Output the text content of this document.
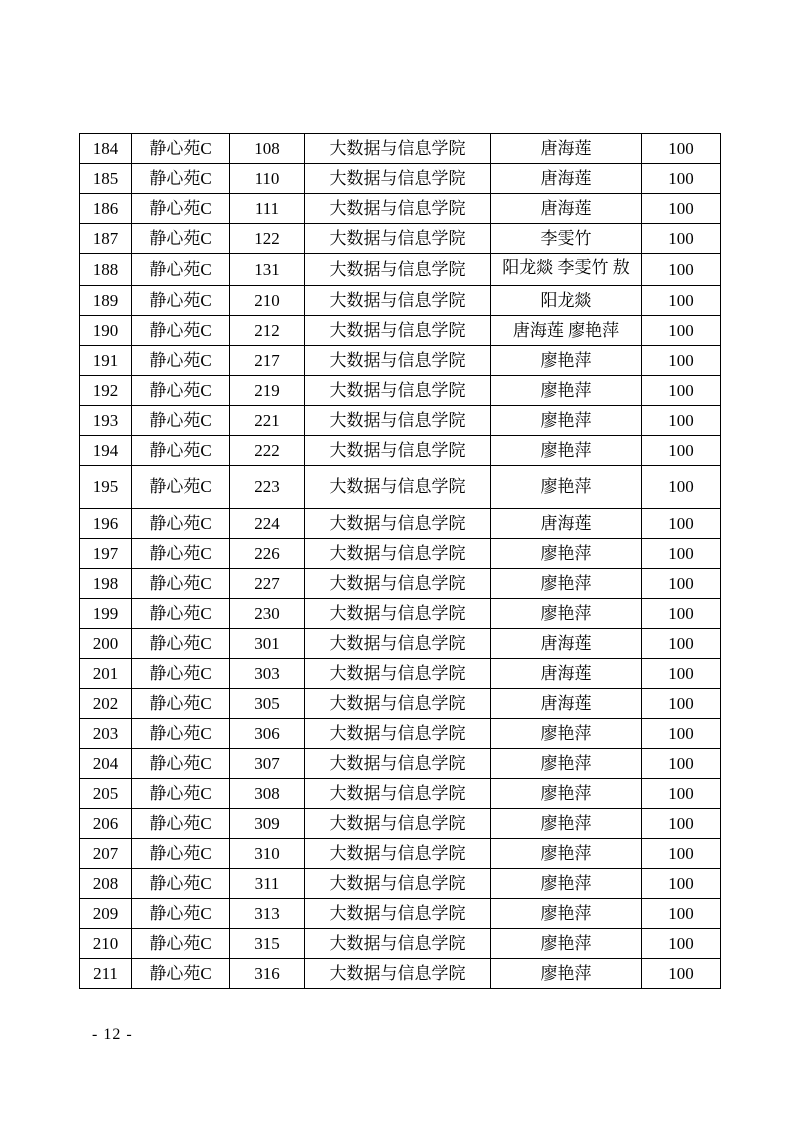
184	静心苑C	108	大数据与信息学院	唐海莲	100
185	静心苑C	110	大数据与信息学院	唐海莲	100
186	静心苑C	111	大数据与信息学院	唐海莲	100
187	静心苑C	122	大数据与信息学院	李雯竹	100
188	静心苑C	131	大数据与信息学院	阳龙燚 李雯竹 敖	100
189	静心苑C	210	大数据与信息学院	阳龙燚	100
190	静心苑C	212	大数据与信息学院	唐海莲 廖艳萍	100
191	静心苑C	217	大数据与信息学院	廖艳萍	100
192	静心苑C	219	大数据与信息学院	廖艳萍	100
193	静心苑C	221	大数据与信息学院	廖艳萍	100
194	静心苑C	222	大数据与信息学院	廖艳萍	100
195	静心苑C	223	大数据与信息学院	廖艳萍	100
196	静心苑C	224	大数据与信息学院	唐海莲	100
197	静心苑C	226	大数据与信息学院	廖艳萍	100
198	静心苑C	227	大数据与信息学院	廖艳萍	100
199	静心苑C	230	大数据与信息学院	廖艳萍	100
200	静心苑C	301	大数据与信息学院	唐海莲	100
201	静心苑C	303	大数据与信息学院	唐海莲	100
202	静心苑C	305	大数据与信息学院	唐海莲	100
203	静心苑C	306	大数据与信息学院	廖艳萍	100
204	静心苑C	307	大数据与信息学院	廖艳萍	100
205	静心苑C	308	大数据与信息学院	廖艳萍	100
206	静心苑C	309	大数据与信息学院	廖艳萍	100
207	静心苑C	310	大数据与信息学院	廖艳萍	100
208	静心苑C	311	大数据与信息学院	廖艳萍	100
209	静心苑C	313	大数据与信息学院	廖艳萍	100
210	静心苑C	315	大数据与信息学院	廖艳萍	100
211	静心苑C	316	大数据与信息学院	廖艳萍	100
- 12 -
